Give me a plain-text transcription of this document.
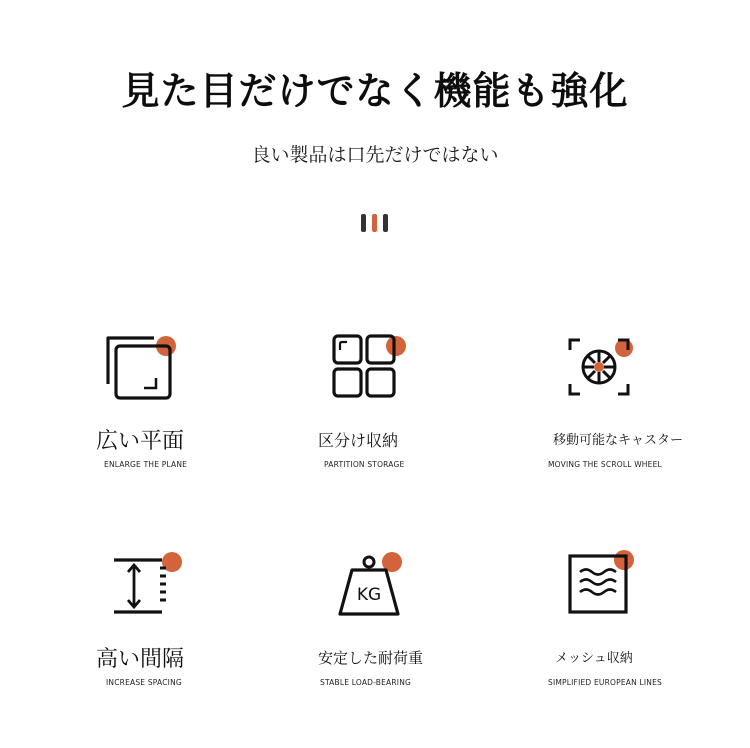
見た目だけでなく機能も強化
良い製品は口先だけではない
広い平面
ENLARGE THE PLANE
区分け収納
PARTITION STORAGE
移動可能なキャスター
MOVING THE SCROLL WHEEL
高い間隔
INCREASE SPACING
KG
安定した耐荷重
STABLE LOAD-BEARING
メッシュ収納
SIMPLIFIED EUROPEAN LINES
